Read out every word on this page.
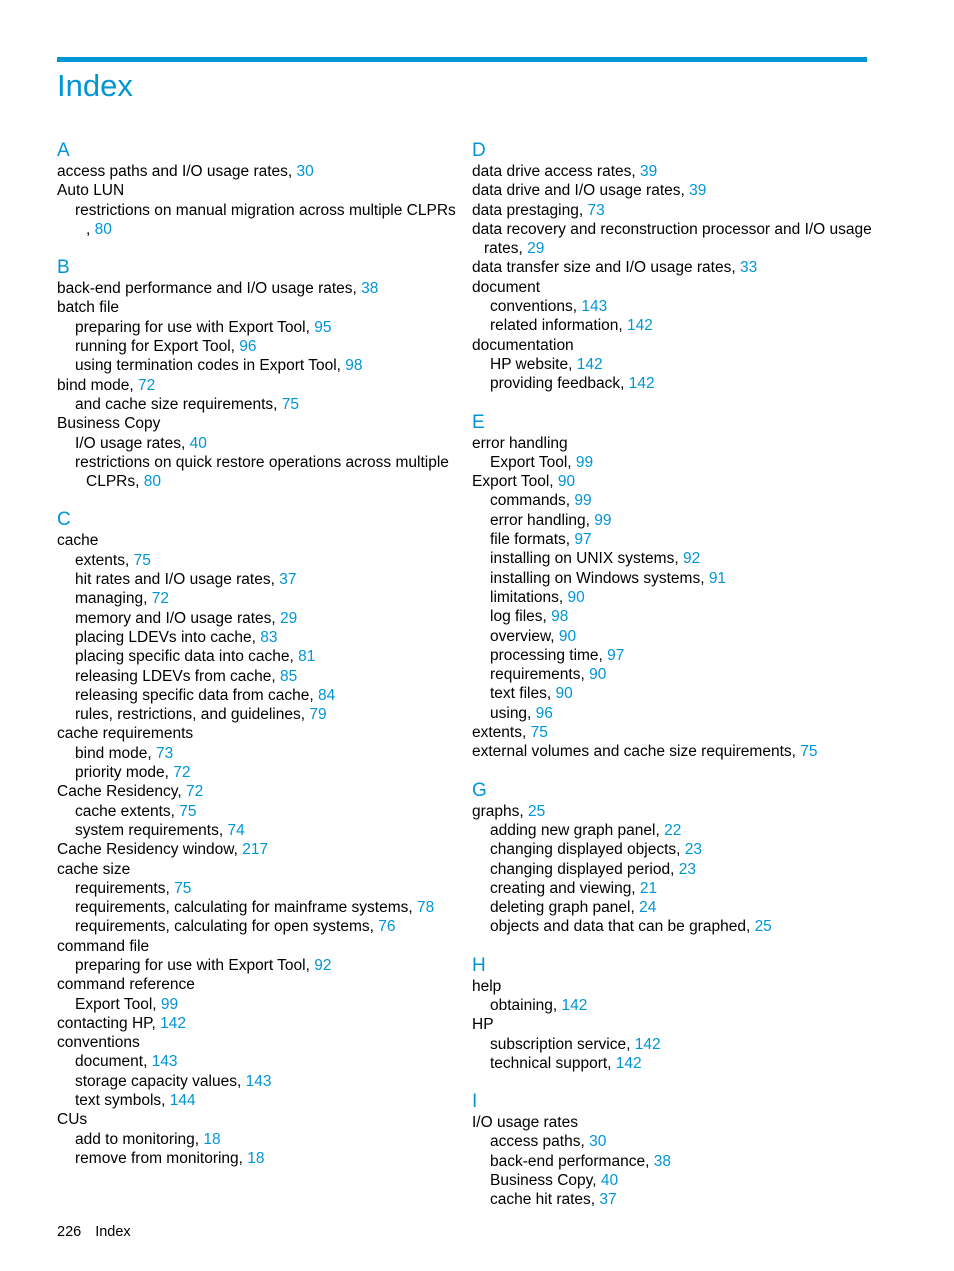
Index
A
access paths and I/O usage rates, 30
Auto LUN
restrictions on manual migration across multiple CLPRs
, 80
B
back-end performance and I/O usage rates, 38
batch file
preparing for use with Export Tool, 95
running for Export Tool, 96
using termination codes in Export Tool, 98
bind mode, 72
and cache size requirements, 75
Business Copy
I/O usage rates, 40
restrictions on quick restore operations across multiple
CLPRs, 80
C
cache
extents, 75
hit rates and I/O usage rates, 37
managing, 72
memory and I/O usage rates, 29
placing LDEVs into cache, 83
placing specific data into cache, 81
releasing LDEVs from cache, 85
releasing specific data from cache, 84
rules, restrictions, and guidelines, 79
cache requirements
bind mode, 73
priority mode, 72
Cache Residency, 72
cache extents, 75
system requirements, 74
Cache Residency window, 217
cache size
requirements, 75
requirements, calculating for mainframe systems, 78
requirements, calculating for open systems, 76
command file
preparing for use with Export Tool, 92
command reference
Export Tool, 99
contacting HP, 142
conventions
document, 143
storage capacity values, 143
text symbols, 144
CUs
add to monitoring, 18
remove from monitoring, 18
D
data drive access rates, 39
data drive and I/O usage rates, 39
data prestaging, 73
data recovery and reconstruction processor and I/O usage
rates, 29
data transfer size and I/O usage rates, 33
document
conventions, 143
related information, 142
documentation
HP website, 142
providing feedback, 142
E
error handling
Export Tool, 99
Export Tool, 90
commands, 99
error handling, 99
file formats, 97
installing on UNIX systems, 92
installing on Windows systems, 91
limitations, 90
log files, 98
overview, 90
processing time, 97
requirements, 90
text files, 90
using, 96
extents, 75
external volumes and cache size requirements, 75
G
graphs, 25
adding new graph panel, 22
changing displayed objects, 23
changing displayed period, 23
creating and viewing, 21
deleting graph panel, 24
objects and data that can be graphed, 25
H
help
obtaining, 142
HP
subscription service, 142
technical support, 142
I
I/O usage rates
access paths, 30
back-end performance, 38
Business Copy, 40
cache hit rates, 37
226 Index
